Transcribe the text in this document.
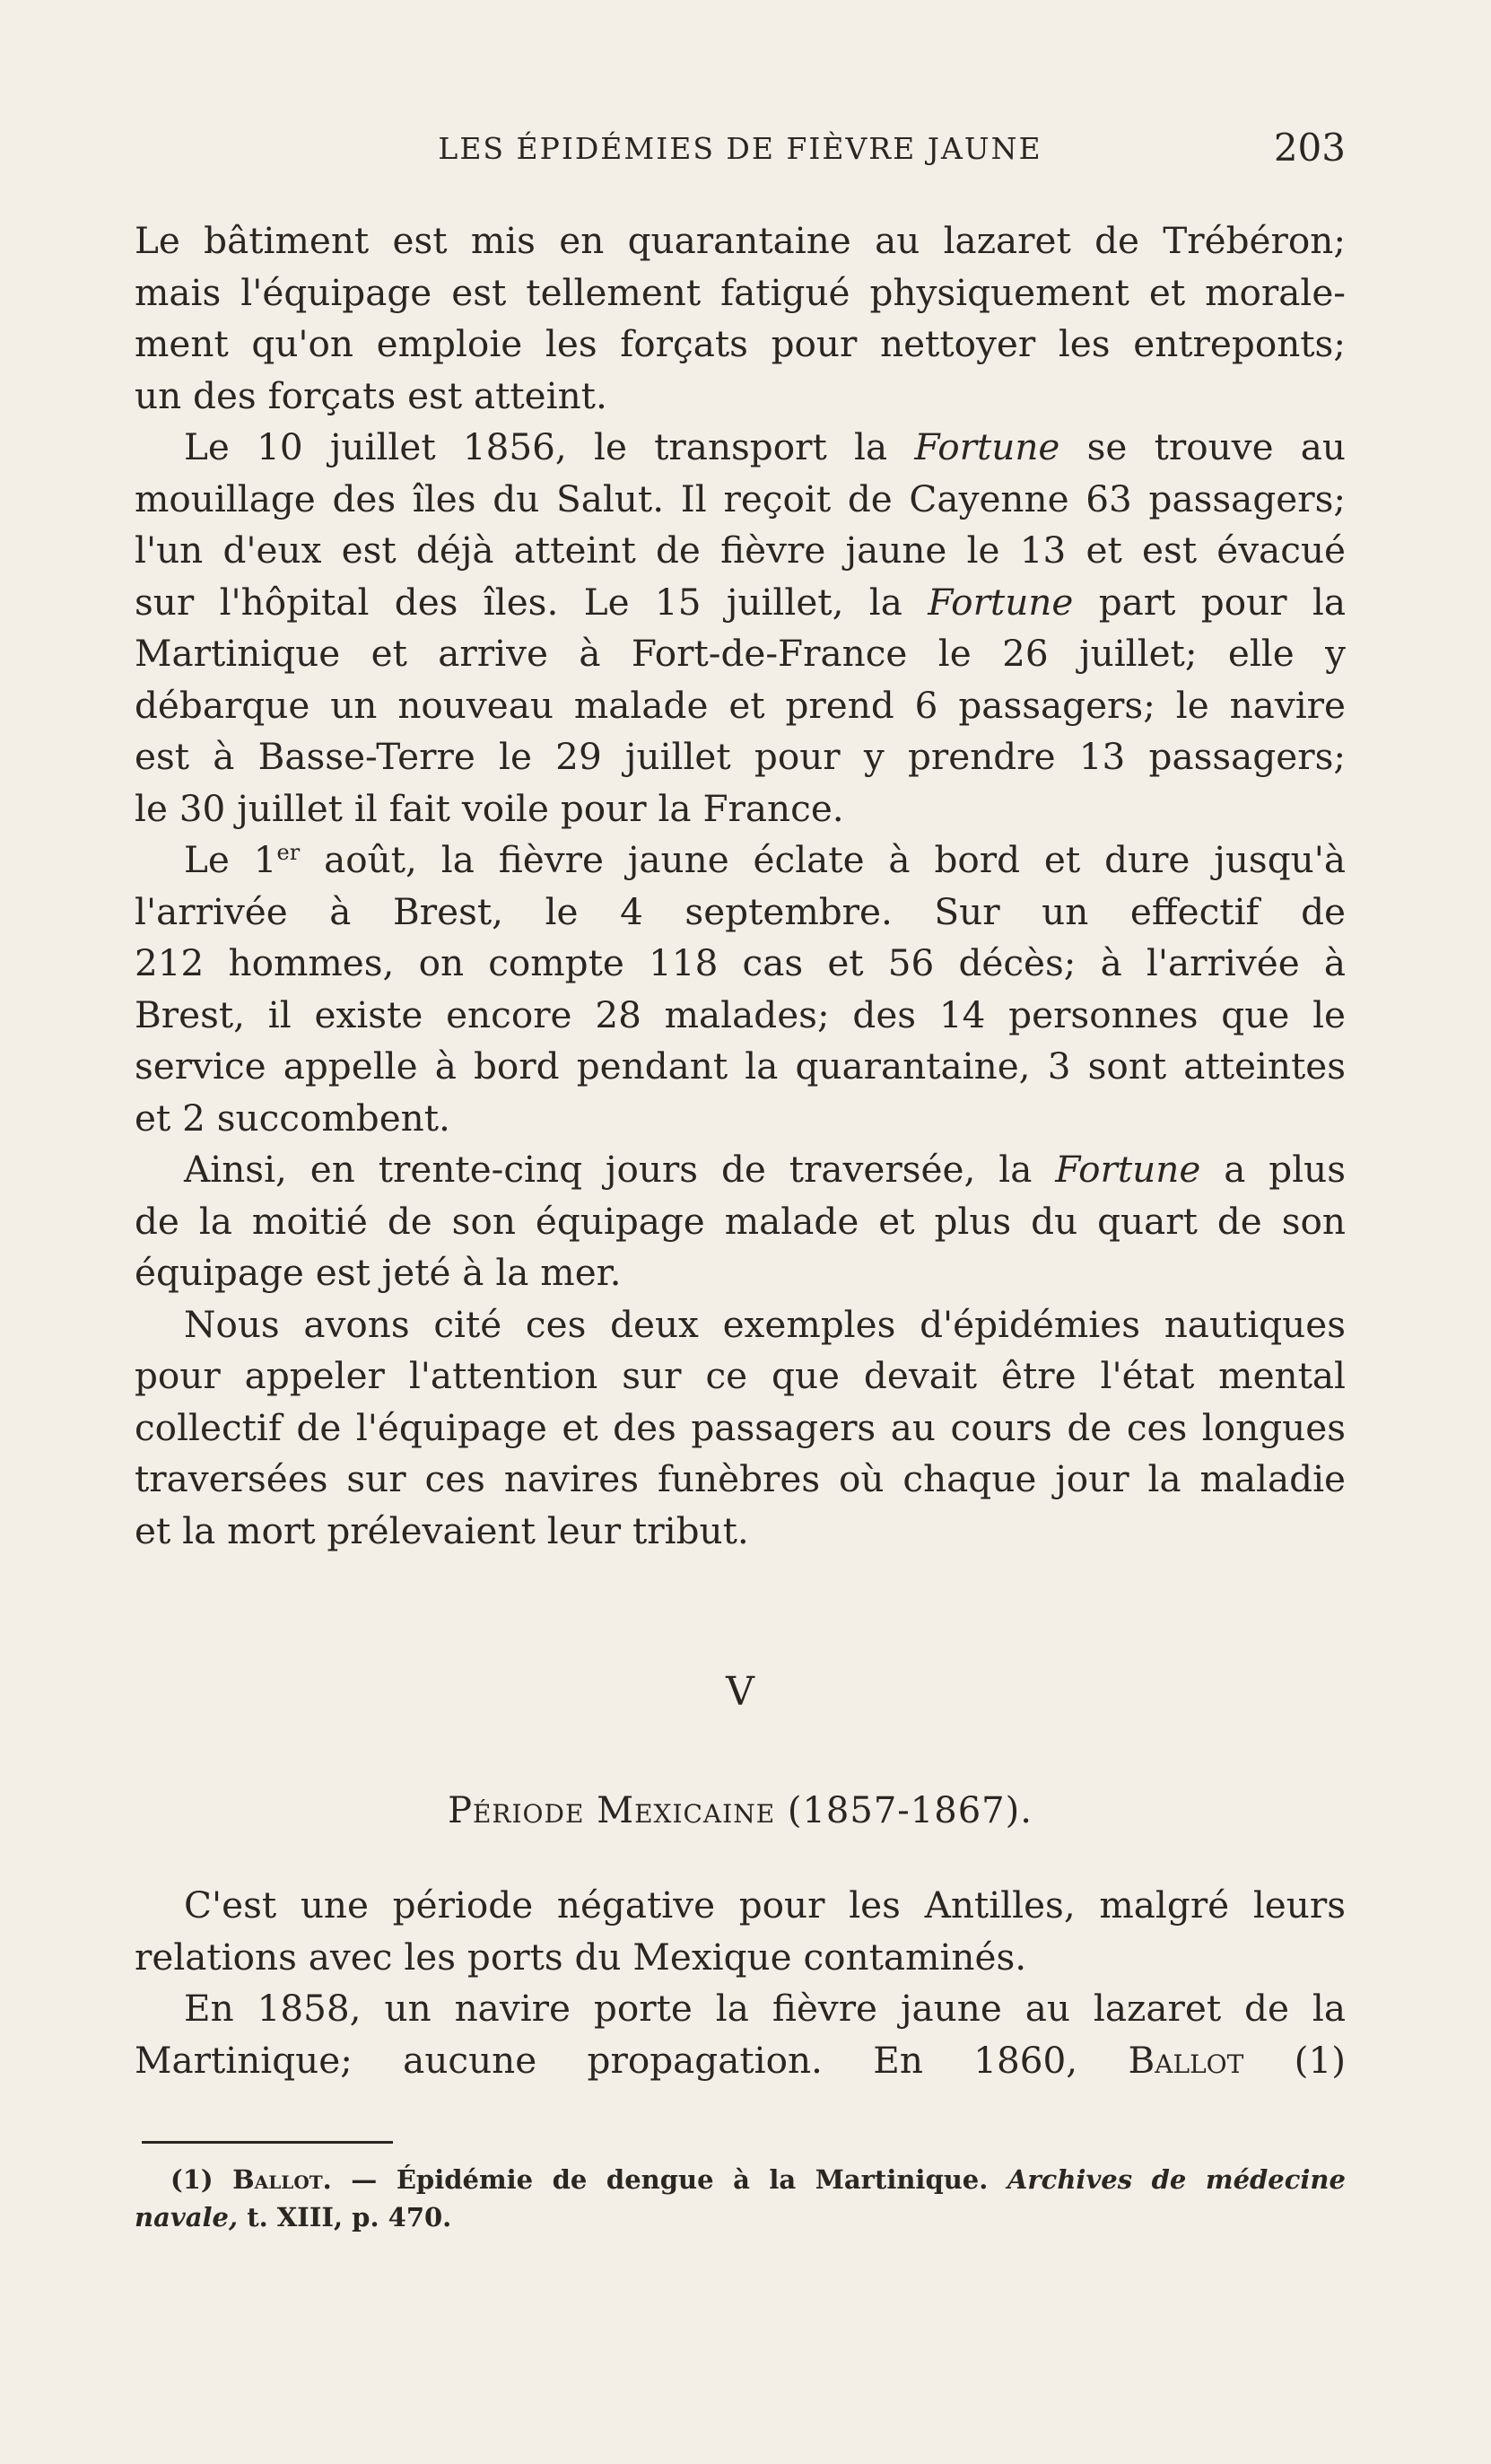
LES ÉPIDÉMIES DE FIÈVRE JAUNE	203
Le bâtiment est mis en quarantaine au lazaret de Trébéron;
mais l'équipage est tellement fatigué physiquement et morale-
ment qu'on emploie les forçats pour nettoyer les entreponts;
un des forçats est atteint.
Le 10 juillet 1856, le transport la Fortune se trouve au
mouillage des îles du Salut. Il reçoit de Cayenne 63 passagers;
l'un d'eux est déjà atteint de fièvre jaune le 13 et est évacué
sur l'hôpital des îles. Le 15 juillet, la Fortune part pour la
Martinique et arrive à Fort-de-France le 26 juillet; elle y
débarque un nouveau malade et prend 6 passagers; le navire
est à Basse-Terre le 29 juillet pour y prendre 13 passagers;
le 30 juillet il fait voile pour la France.
Le 1er août, la fièvre jaune éclate à bord et dure jusqu'à
l'arrivée à Brest, le 4 septembre. Sur un effectif de
212 hommes, on compte 118 cas et 56 décès; à l'arrivée à
Brest, il existe encore 28 malades; des 14 personnes que le
service appelle à bord pendant la quarantaine, 3 sont atteintes
et 2 succombent.
Ainsi, en trente-cinq jours de traversée, la Fortune a plus
de la moitié de son équipage malade et plus du quart de son
équipage est jeté à la mer.
Nous avons cité ces deux exemples d'épidémies nautiques
pour appeler l'attention sur ce que devait être l'état mental
collectif de l'équipage et des passagers au cours de ces longues
traversées sur ces navires funèbres où chaque jour la maladie
et la mort prélevaient leur tribut.
V
Période Mexicaine (1857-1867).
C'est une période négative pour les Antilles, malgré leurs
relations avec les ports du Mexique contaminés.
En 1858, un navire porte la fièvre jaune au lazaret de la
Martinique; aucune propagation. En 1860, Ballot (1)
(1) Ballot. — Épidémie de dengue à la Martinique. Archives de médecine
navale, t. XIII, p. 470.
